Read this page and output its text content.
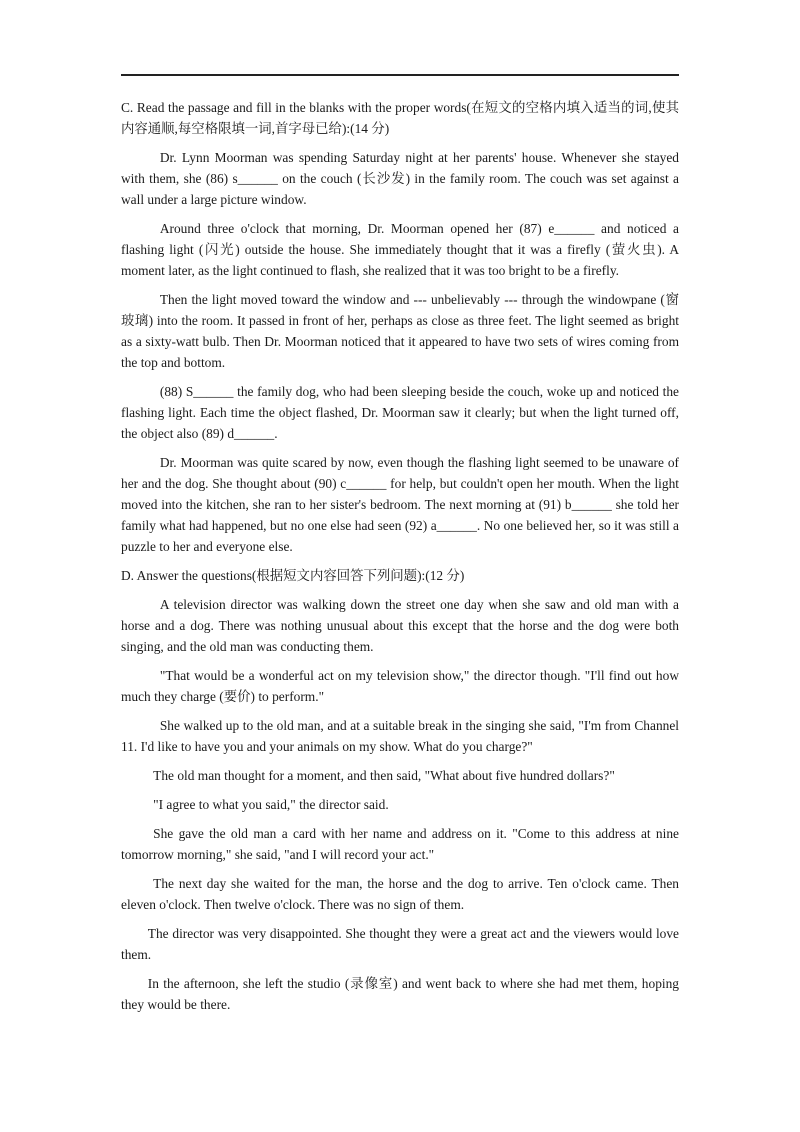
C. Read the passage and fill in the blanks with the proper words(在短文的空格内填入适当的词,使其内容通顺,每空格限填一词,首字母已给):(14 分)

Dr. Lynn Moorman was spending Saturday night at her parents' house. Whenever she stayed with them, she (86) s______ on the couch (长沙发) in the family room. The couch was set against a wall under a large picture window.

Around three o'clock that morning, Dr. Moorman opened her (87) e______ and noticed a flashing light (闪光) outside the house. She immediately thought that it was a firefly (萤火虫). A moment later, as the light continued to flash, she realized that it was too bright to be a firefly.

Then the light moved toward the window and --- unbelievably --- through the windowpane (窗玻璃) into the room. It passed in front of her, perhaps as close as three feet. The light seemed as bright as a sixty-watt bulb. Then Dr. Moorman noticed that it appeared to have two sets of wires coming from the top and bottom.

(88) S______ the family dog, who had been sleeping beside the couch, woke up and noticed the flashing light. Each time the object flashed, Dr. Moorman saw it clearly; but when the light turned off, the object also (89) d______.

Dr. Moorman was quite scared by now, even though the flashing light seemed to be unaware of her and the dog. She thought about (90) c______ for help, but couldn't open her mouth. When the light moved into the kitchen, she ran to her sister's bedroom. The next morning at (91) b______ she told her family what had happened, but no one else had seen (92) a______. No one believed her, so it was still a puzzle to her and everyone else.

D. Answer the questions(根据短文内容回答下列问题):(12 分)

A television director was walking down the street one day when she saw and old man with a horse and a dog. There was nothing unusual about this except that the horse and the dog were both singing, and the old man was conducting them.

"That would be a wonderful act on my television show," the director though. "I'll find out how much they charge (要价) to perform."

She walked up to the old man, and at a suitable break in the singing she said, "I'm from Channel 11. I'd like to have you and your animals on my show. What do you charge?"

The old man thought for a moment, and then said, "What about five hundred dollars?"

"I agree to what you said," the director said.

She gave the old man a card with her name and address on it. "Come to this address at nine tomorrow morning," she said, "and I will record your act."

The next day she waited for the man, the horse and the dog to arrive. Ten o'clock came. Then eleven o'clock. Then twelve o'clock. There was no sign of them.

The director was very disappointed. She thought they were a great act and the viewers would love them.

In the afternoon, she left the studio (录像室) and went back to where she had met them, hoping they would be there.
